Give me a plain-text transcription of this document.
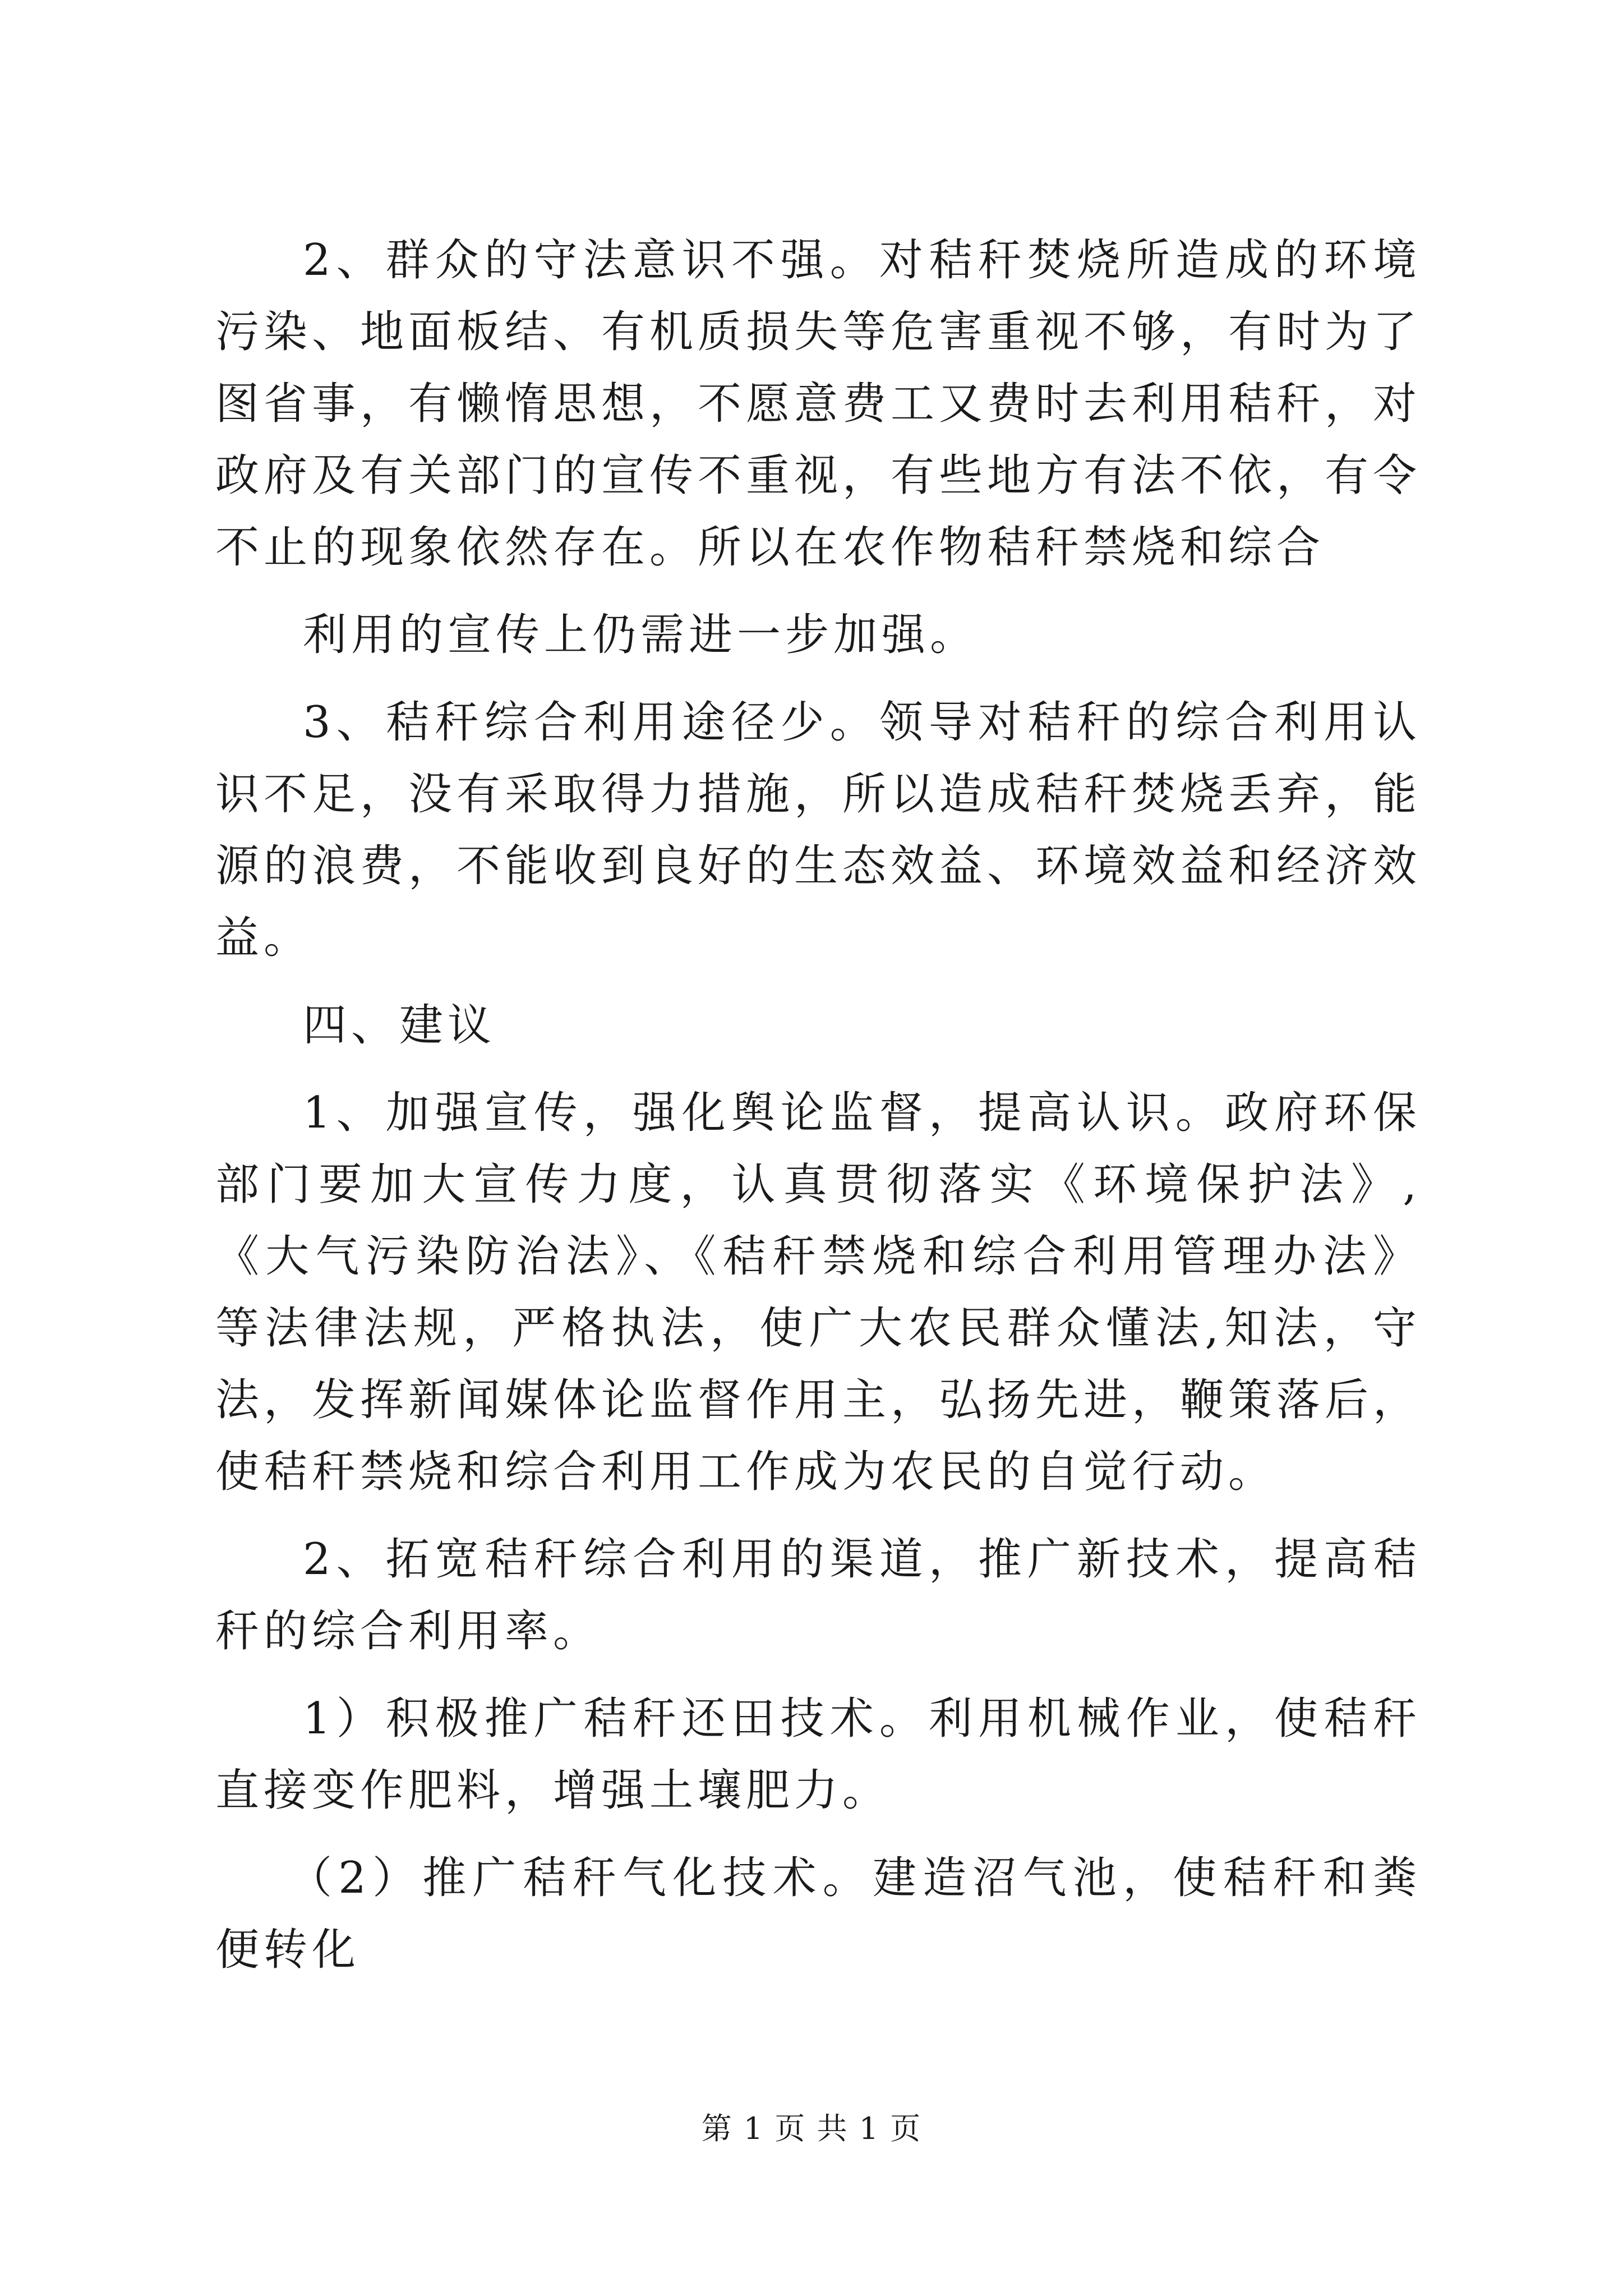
2、群众的守法意识不强。对秸秆焚烧所造成的环境污染、地面板结、有机质损失等危害重视不够，有时为了图省事，有懒惰思想，不愿意费工又费时去利用秸秆，对政府及有关部门的宣传不重视，有些地方有法不依，有令不止的现象依然存在。所以在农作物秸秆禁烧和综合

利用的宣传上仍需进一步加强。

3、秸秆综合利用途径少。领导对秸秆的综合利用认识不足，没有采取得力措施，所以造成秸秆焚烧丢弃，能源的浪费，不能收到良好的生态效益、环境效益和经济效益。

四、建议

1、加强宣传，强化舆论监督，提高认识。政府环保部门要加大宣传力度，认真贯彻落实《环境保护法》,《大气污染防治法》、《秸秆禁烧和综合利用管理办法》等法律法规，严格执法，使广大农民群众懂法,知法，守法，发挥新闻媒体论监督作用主，弘扬先进，鞭策落后，使秸秆禁烧和综合利用工作成为农民的自觉行动。

2、拓宽秸秆综合利用的渠道，推广新技术，提高秸秆的综合利用率。

1）积极推广秸秆还田技术。利用机械作业，使秸秆直接变作肥料，增强土壤肥力。

（2）推广秸秆气化技术。建造沼气池，使秸秆和粪便转化

第 1 页 共 1 页
